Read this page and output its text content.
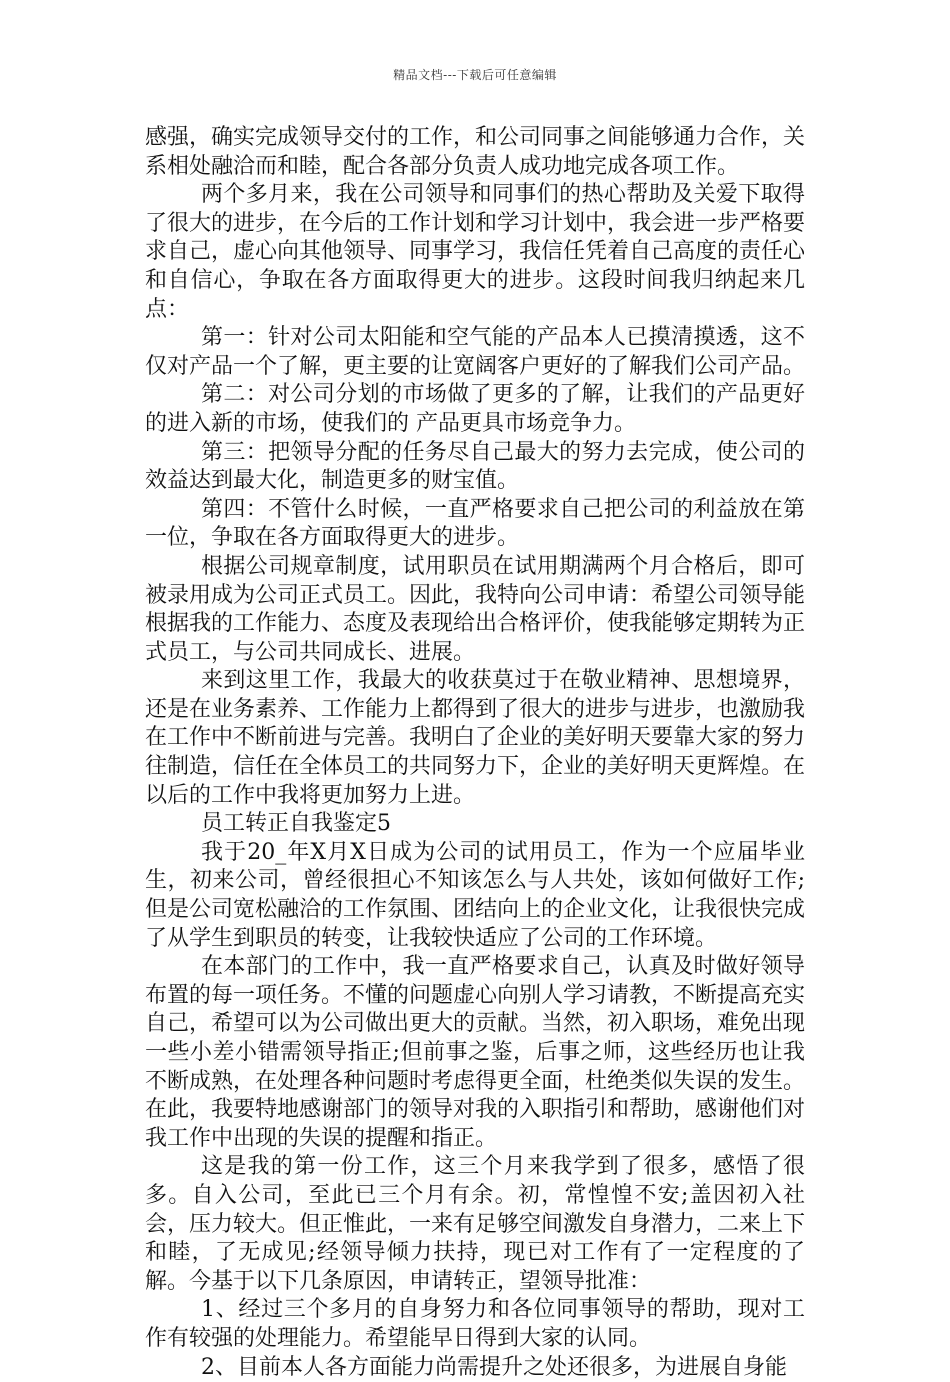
精品文档---下载后可任意编辑

感强，确实完成领导交付的工作，和公司同事之间能够通力合作，关系相处融洽而和睦，配合各部分负责人成功地完成各项工作。

两个多月来，我在公司领导和同事们的热心帮助及关爱下取得了很大的进步，在今后的工作计划和学习计划中，我会进一步严格要求自己，虚心向其他领导、同事学习，我信任凭着自己高度的责任心和自信心，争取在各方面取得更大的进步。这段时间我归纳起来几点：

第一：针对公司太阳能和空气能的产品本人已摸清摸透，这不仅对产品一个了解，更主要的让宽阔客户更好的了解我们公司产品。

第二：对公司分划的市场做了更多的了解，让我们的产品更好的进入新的市场，使我们的 产品更具市场竞争力。

第三：把领导分配的任务尽自己最大的努力去完成，使公司的效益达到最大化，制造更多的财宝值。

第四：不管什么时候，一直严格要求自己把公司的利益放在第一位，争取在各方面取得更大的进步。

根据公司规章制度，试用职员在试用期满两个月合格后，即可被录用成为公司正式员工。因此，我特向公司申请：希望公司领导能根据我的工作能力、态度及表现给出合格评价，使我能够定期转为正式员工，与公司共同成长、进展。

来到这里工作，我最大的收获莫过于在敬业精神、思想境界，还是在业务素养、工作能力上都得到了很大的进步与进步，也激励我在工作中不断前进与完善。我明白了企业的美好明天要靠大家的努力往制造，信任在全体员工的共同努力下，企业的美好明天更辉煌。在以后的工作中我将更加努力上进。

员工转正自我鉴定5

我于20_年X月X日成为公司的试用员工，作为一个应届毕业生，初来公司，曾经很担心不知该怎么与人共处，该如何做好工作;但是公司宽松融洽的工作氛围、团结向上的企业文化，让我很快完成了从学生到职员的转变，让我较快适应了公司的工作环境。

在本部门的工作中，我一直严格要求自己，认真及时做好领导布置的每一项任务。不懂的问题虚心向别人学习请教，不断提高充实自己，希望可以为公司做出更大的贡献。当然，初入职场，难免出现一些小差小错需领导指正;但前事之鉴，后事之师，这些经历也让我不断成熟，在处理各种问题时考虑得更全面，杜绝类似失误的发生。在此，我要特地感谢部门的领导对我的入职指引和帮助，感谢他们对我工作中出现的失误的提醒和指正。

这是我的第一份工作，这三个月来我学到了很多，感悟了很多。自入公司，至此已三个月有余。初，常惶惶不安;盖因初入社会，压力较大。但正惟此，一来有足够空间激发自身潜力，二来上下和睦，了无成见;经领导倾力扶持，现已对工作有了一定程度的了解。今基于以下几条原因，申请转正，望领导批准：

1、经过三个多月的自身努力和各位同事领导的帮助，现对工作有较强的处理能力。希望能早日得到大家的认同。

2、目前本人各方面能力尚需提升之处还很多，为进展自身能
